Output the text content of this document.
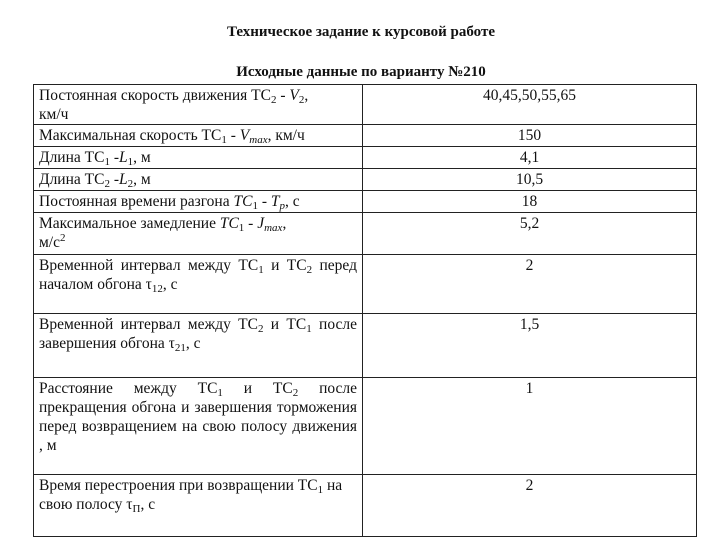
Техническое задание к курсовой работе
Исходные данные по варианту №210
Постоянная скорость движения $ТС_2 - V_2$,
км/ч	40,45,50,55,65
Максимальная скорость $ТС_1 - V_{max}$, км/ч	150
Длина $ТС_1$ $-L_1$, м	4,1
Длина $ТС_2$ $-L_2$, м	10,5
Постоянная времени разгона $TC_1 - T_p$, с	18
Максимальное замедление $TC_1 - J_{max}$,
$м/с^2$	5,2
Временной интервал между $ТС_1$ и $ТС_2$ перед началом обгона $\tau_{12}$, с	2
Временной интервал между $ТС_2$ и $ТС_1$ после завершения обгона $\tau_{21}$, с	1,5
Расстояние между $ТС_1$ и $ТС_2$ после прекращения обгона и завершения торможения перед возвращением на свою полосу движения , м	1
Время перестроения при возвращении $ТС_1$ на свою полосу $\tau_П$, с	2
